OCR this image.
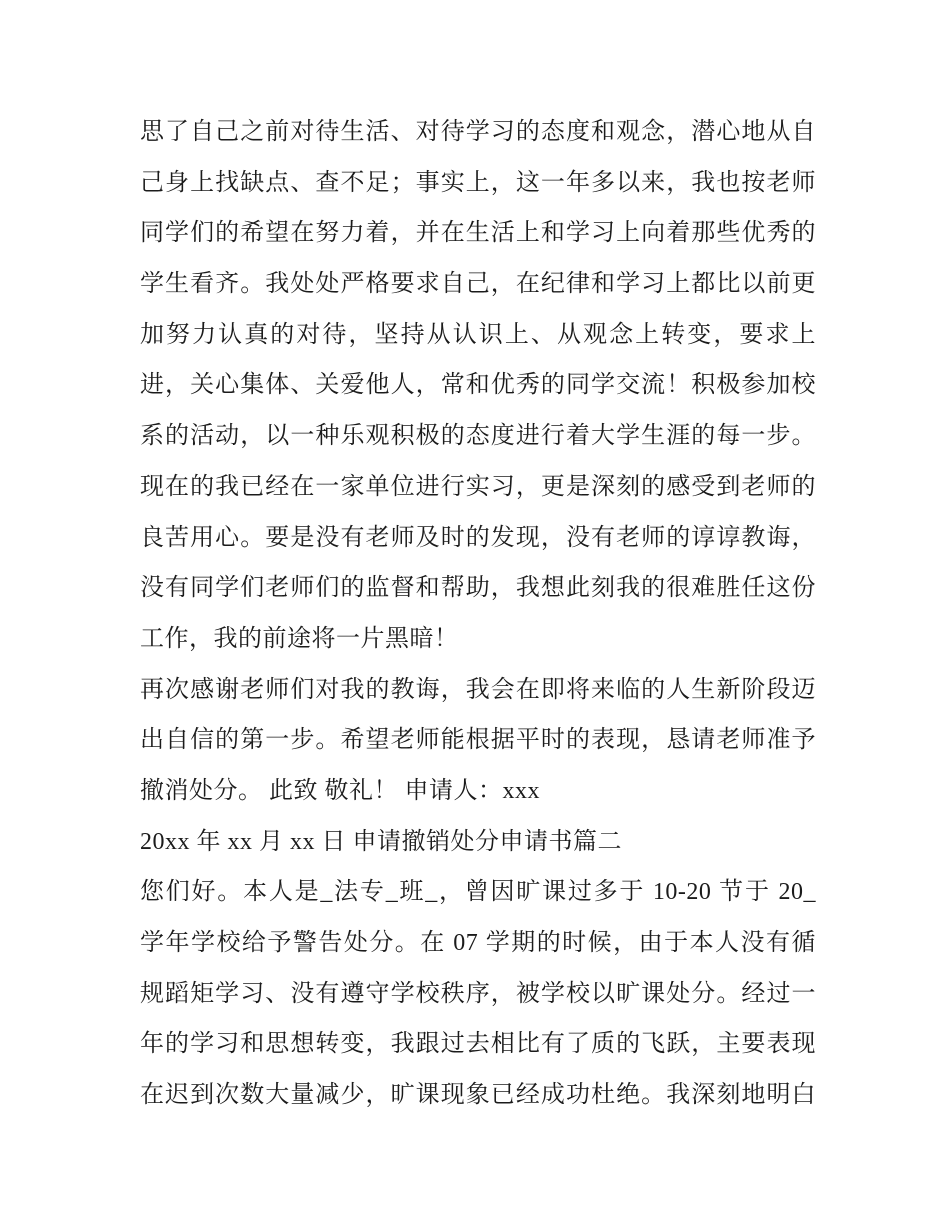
思了自己之前对待生活、对待学习的态度和观念，潜心地从自
己身上找缺点、查不足；事实上，这一年多以来，我也按老师
同学们的希望在努力着，并在生活上和学习上向着那些优秀的
学生看齐。我处处严格要求自己，在纪律和学习上都比以前更
加努力认真的对待，坚持从认识上、从观念上转变，要求上
进，关心集体、关爱他人，常和优秀的同学交流！积极参加校
系的活动，以一种乐观积极的态度进行着大学生涯的每一步。
现在的我已经在一家单位进行实习，更是深刻的感受到老师的
良苦用心。要是没有老师及时的发现，没有老师的谆谆教诲，
没有同学们老师们的监督和帮助，我想此刻我的很难胜任这份
工作，我的前途将一片黑暗！
再次感谢老师们对我的教诲，我会在即将来临的人生新阶段迈
出自信的第一步。希望老师能根据平时的表现，恳请老师准予
撤消处分。 此致 敬礼！ 申请人：xxx
20xx 年 xx 月 xx 日 申请撤销处分申请书篇二
您们好。本人是_法专_班_，曾因旷课过多于 10-20 节于 20_
学年学校给予警告处分。在 07 学期的时候，由于本人没有循
规蹈矩学习、没有遵守学校秩序，被学校以旷课处分。经过一
年的学习和思想转变，我跟过去相比有了质的飞跃，主要表现
在迟到次数大量减少，旷课现象已经成功杜绝。我深刻地明白
